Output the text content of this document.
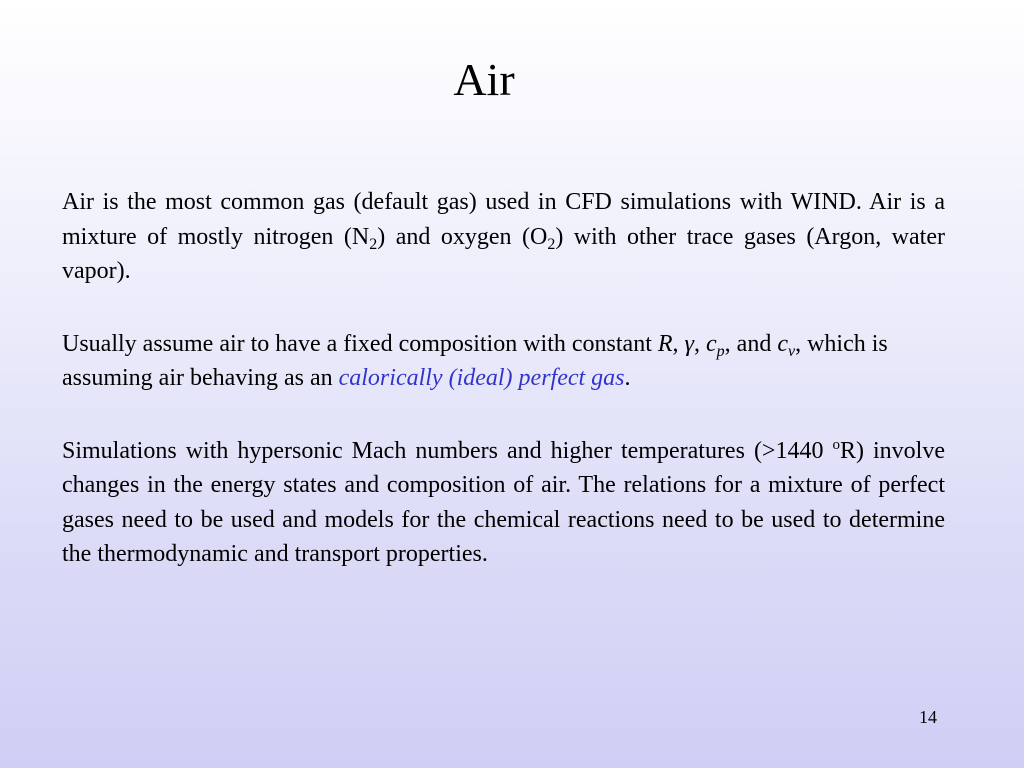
Air

Air is the most common gas (default gas) used in CFD simulations with WIND. Air is a mixture of mostly nitrogen $(N_2)$ and oxygen $(O_2)$ with other trace gases (Argon, water vapor).

Usually assume air to have a fixed composition with constant R, γ, $c_p$, and $c_v$, which is assuming air behaving as an calorically (ideal) perfect gas.

Simulations with hypersonic Mach numbers and higher temperatures (>1440 $^o$R) involve changes in the energy states and composition of air. The relations for a mixture of perfect gases need to be used and models for the chemical reactions need to be used to determine the thermodynamic and transport properties.

14
